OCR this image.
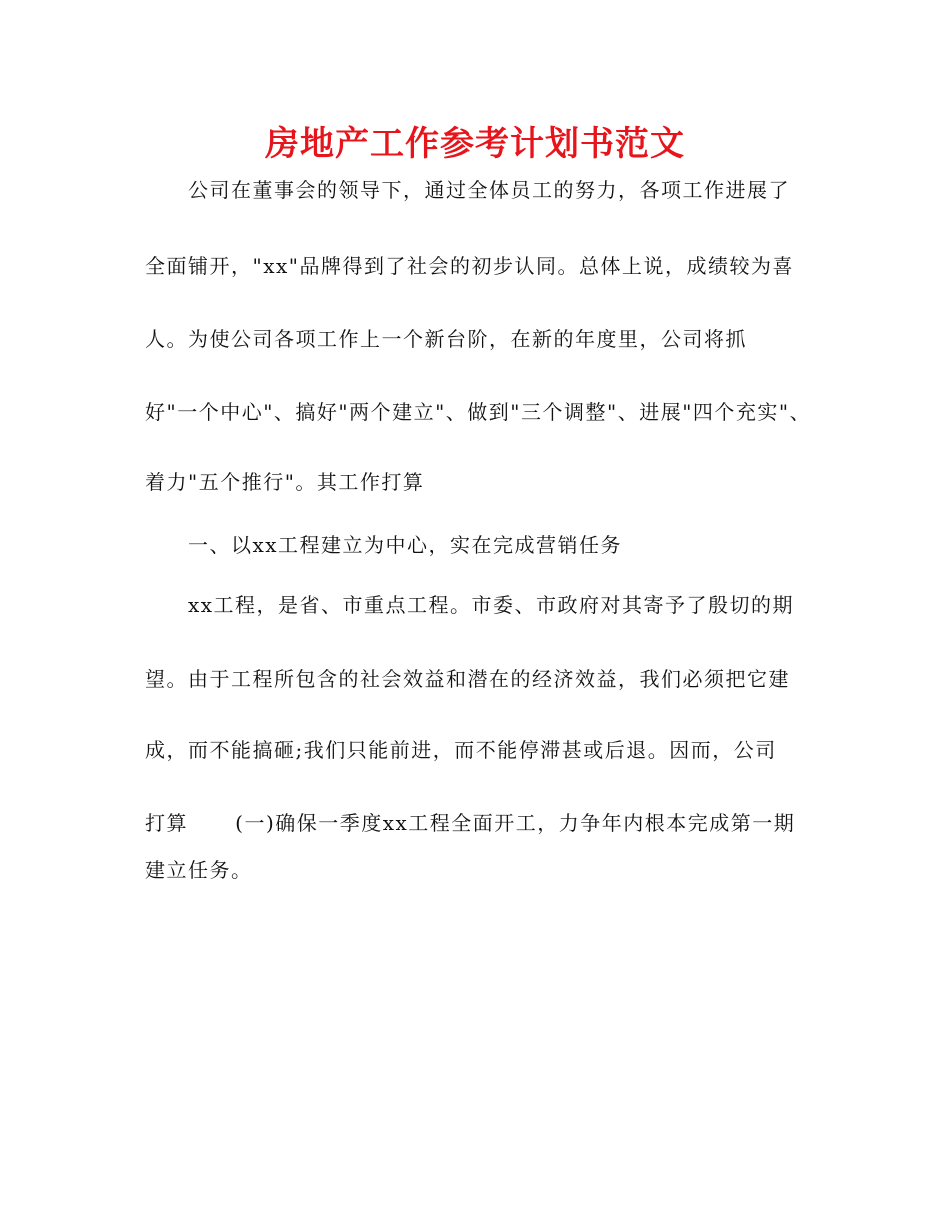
房地产工作参考计划书范文
公司在董事会的领导下，通过全体员工的努力，各项工作进展了
全面铺开，"xx"品牌得到了社会的初步认同。总体上说，成绩较为喜
人。为使公司各项工作上一个新台阶，在新的年度里，公司将抓
好"一个中心"、搞好"两个建立"、做到"三个调整"、进展"四个充实"、
着力"五个推行"。其工作打算
一、以xx工程建立为中心，实在完成营销任务
xx工程，是省、市重点工程。市委、市政府对其寄予了殷切的期
望。由于工程所包含的社会效益和潜在的经济效益，我们必须把它建
成，而不能搞砸;我们只能前进，而不能停滞甚或后退。因而，公司
打算      (一)确保一季度xx工程全面开工，力争年内根本完成第一期
建立任务。
